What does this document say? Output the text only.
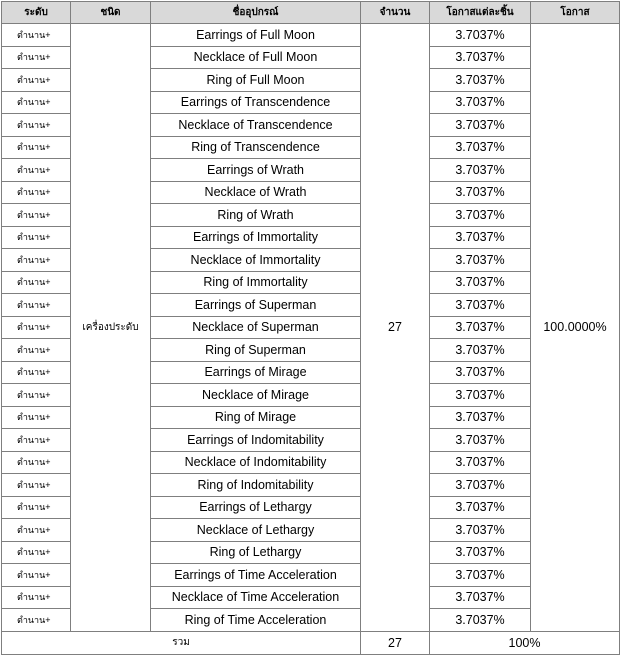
ระดับ	ชนิด	ชื่ออุปกรณ์	จำนวน	โอกาสแต่ละชิ้น	โอกาส
ตำนาน+	เครื่องประดับ	Earrings of Full Moon	27	3.7037%	100.0000%
ตำนาน+		Necklace of Full Moon		3.7037%	
ตำนาน+		Ring of Full Moon		3.7037%	
ตำนาน+		Earrings of Transcendence		3.7037%	
ตำนาน+		Necklace of Transcendence		3.7037%	
ตำนาน+		Ring of Transcendence		3.7037%	
ตำนาน+		Earrings of Wrath		3.7037%	
ตำนาน+		Necklace of Wrath		3.7037%	
ตำนาน+		Ring of Wrath		3.7037%	
ตำนาน+		Earrings of Immortality		3.7037%	
ตำนาน+		Necklace of Immortality		3.7037%	
ตำนาน+		Ring of Immortality		3.7037%	
ตำนาน+		Earrings of Superman		3.7037%	
ตำนาน+		Necklace of Superman		3.7037%	
ตำนาน+		Ring of Superman		3.7037%	
ตำนาน+		Earrings of Mirage		3.7037%	
ตำนาน+		Necklace of Mirage		3.7037%	
ตำนาน+		Ring of Mirage		3.7037%	
ตำนาน+		Earrings of Indomitability		3.7037%	
ตำนาน+		Necklace of Indomitability		3.7037%	
ตำนาน+		Ring of Indomitability		3.7037%	
ตำนาน+		Earrings of Lethargy		3.7037%	
ตำนาน+		Necklace of Lethargy		3.7037%	
ตำนาน+		Ring of Lethargy		3.7037%	
ตำนาน+		Earrings of Time Acceleration		3.7037%	
ตำนาน+		Necklace of Time Acceleration		3.7037%	
ตำนาน+		Ring of Time Acceleration		3.7037%	
รวม			27	100%	
